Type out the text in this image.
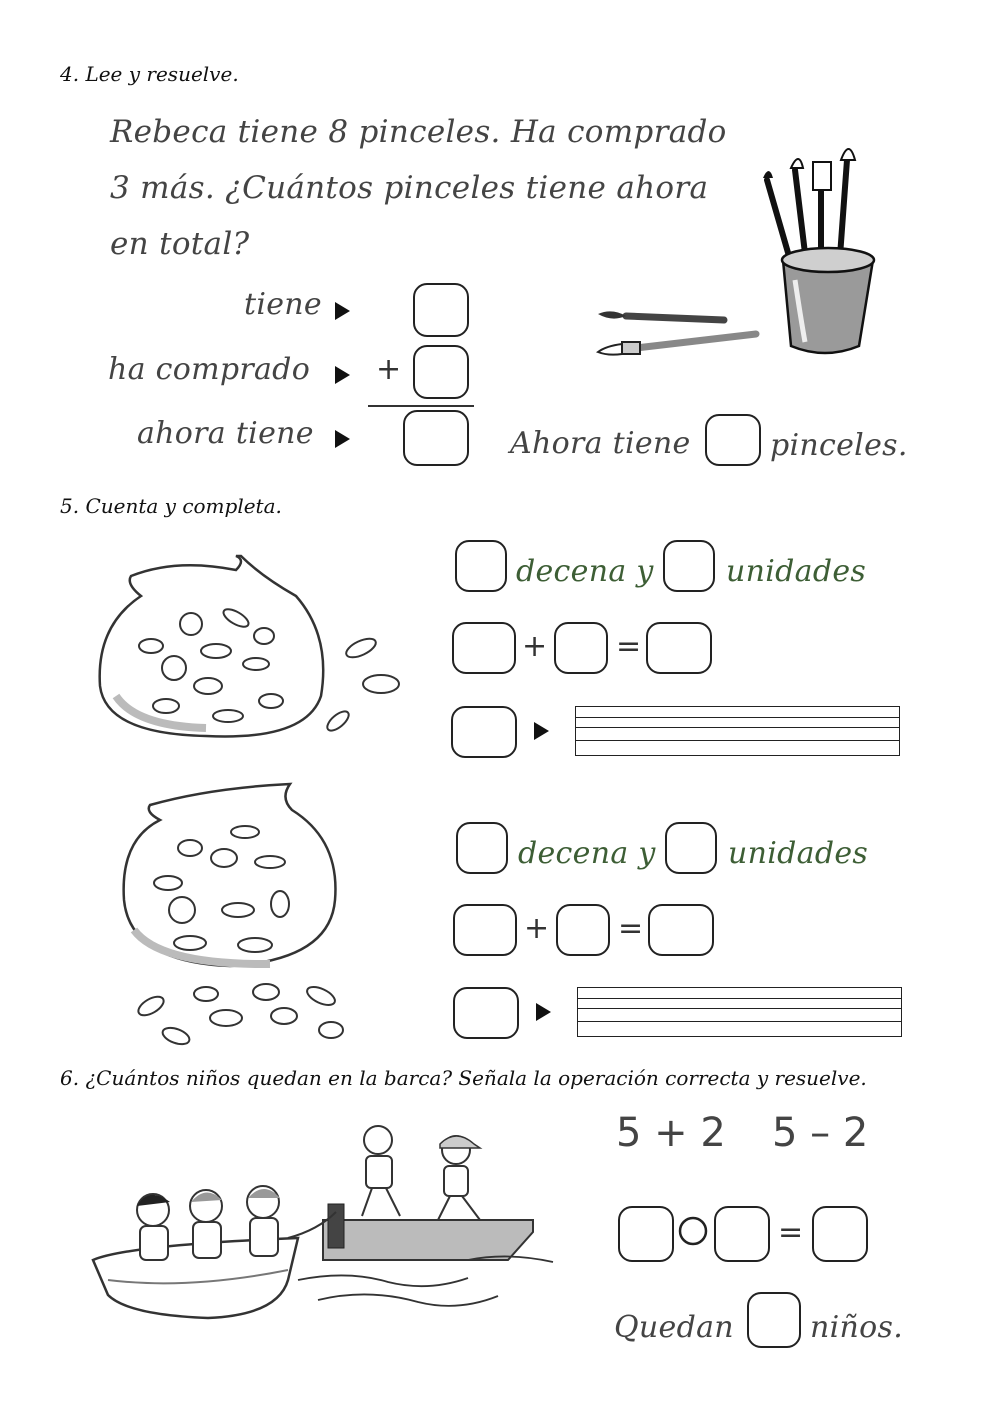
4. Lee y resuelve.
Rebeca tiene 8 pinceles. Ha comprado
3 más. ¿Cuántos pinceles tiene ahora
en total?
tiene
ha comprado +
ahora tiene	Ahora tiene	pinceles.
5. Cuenta y completa.
decena y unidades
+ =
decena y unidades
+ =
6. ¿Cuántos niños quedan en la barca? Señala la operación correcta y resuelve.
5 + 2 5 – 2
=
Quedan	niños.
